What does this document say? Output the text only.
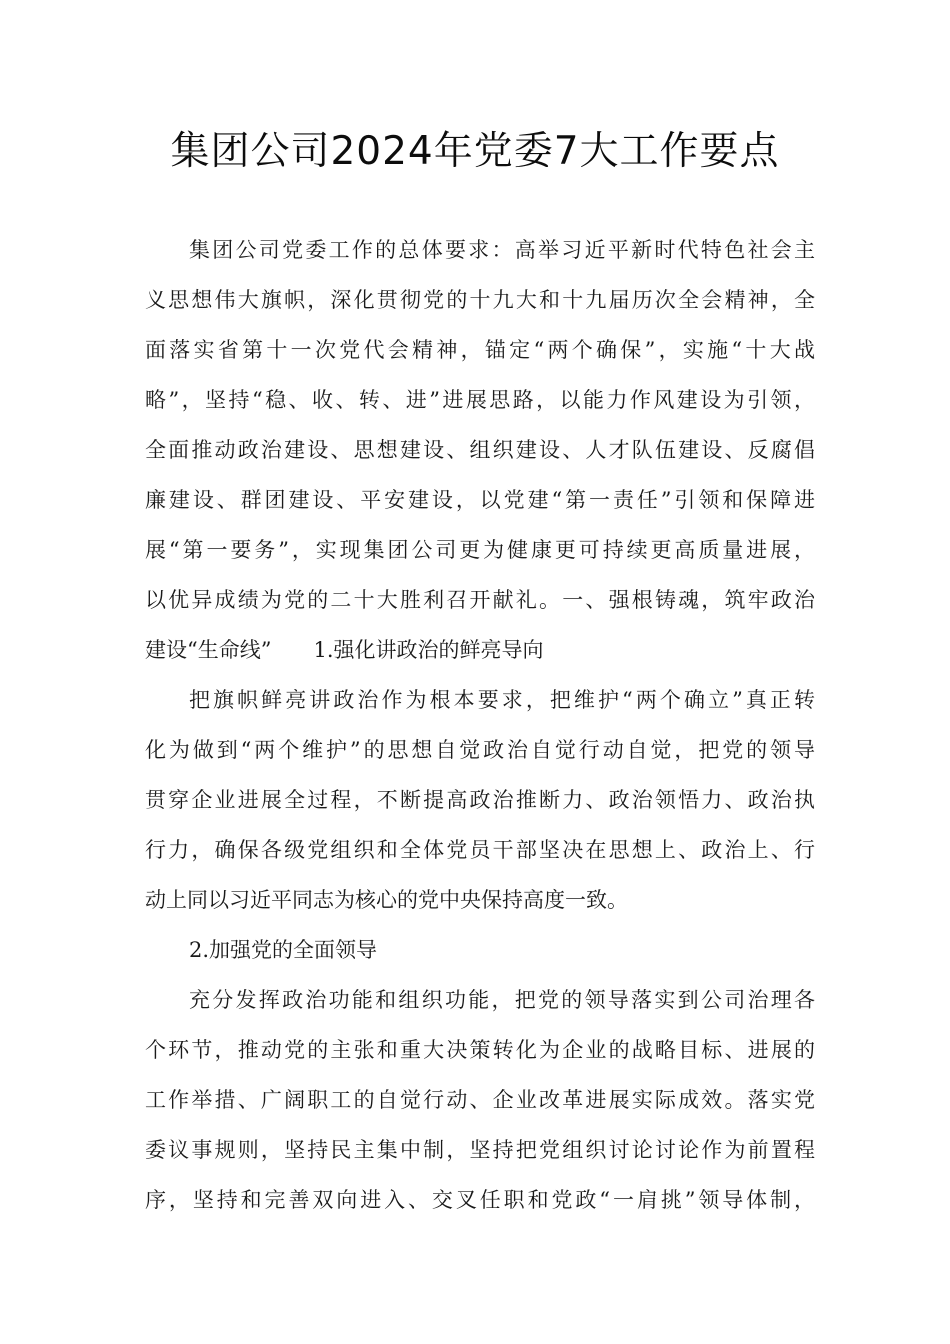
集团公司2024年党委7大工作要点
集团公司党委工作的总体要求：高举习近平新时代特色社会主
义思想伟大旗帜，深化贯彻党的十九大和十九届历次全会精神，全
面落实省第十一次党代会精神，锚定“两个确保”，实施“十大战
略”，坚持“稳、收、转、进”进展思路，以能力作风建设为引领，
全面推动政治建设、思想建设、组织建设、人才队伍建设、反腐倡
廉建设、群团建设、平安建设，以党建“第一责任”引领和保障进
展“第一要务”，实现集团公司更为健康更可持续更高质量进展，
以优异成绩为党的二十大胜利召开献礼。一、强根铸魂，筑牢政治
建设“生命线”　　1.强化讲政治的鲜亮导向
把旗帜鲜亮讲政治作为根本要求，把维护“两个确立”真正转
化为做到“两个维护”的思想自觉政治自觉行动自觉，把党的领导
贯穿企业进展全过程，不断提高政治推断力、政治领悟力、政治执
行力，确保各级党组织和全体党员干部坚决在思想上、政治上、行
动上同以习近平同志为核心的党中央保持高度一致。
2.加强党的全面领导
充分发挥政治功能和组织功能，把党的领导落实到公司治理各
个环节，推动党的主张和重大决策转化为企业的战略目标、进展的
工作举措、广阔职工的自觉行动、企业改革进展实际成效。落实党
委议事规则，坚持民主集中制，坚持把党组织讨论讨论作为前置程
序，坚持和完善双向进入、交叉任职和党政“一肩挑”领导体制，
